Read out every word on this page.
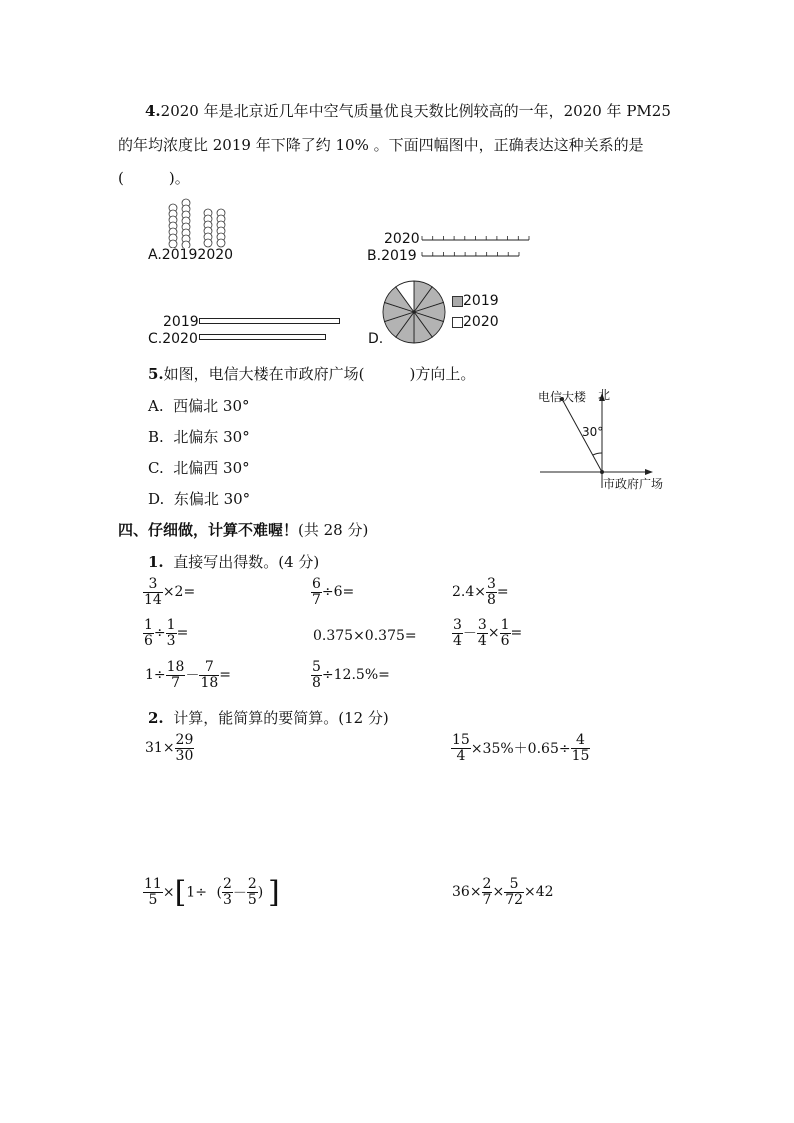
4.2020 年是北京近几年中空气质量优良天数比例较高的一年，2020 年 PM25
的年均浓度比 2019 年下降了约 10% 。下面四幅图中，正确表达这种关系的是
(　　　)。
A.20192020
2020
B.2019
2019
C.2020	D.
2019
2020
5.如图，电信大楼在市政府广场(　　　)方向上。
A. 西偏北 30°
B. 北偏东 30°
C. 北偏西 30°
D. 东偏北 30°
电信大楼 北
30°
市政府广场
四、仔细做，计算不难喔！(共 28 分)
1. 直接写出得数。(4 分)
$\frac{3}{14} \times 2=$	$\frac{6}{7} \div 6=$	$2.4\times \frac{3}{8}$ =
$\frac{1}{6} \div \frac{1}{3}$ =	0.375×0.375=	$\frac{3}{4} - \frac{3}{4} \times \frac{1}{6}$ =
$1\div \frac{18}{7} - \frac{7}{18}$ =	$\frac{5}{8} \div 12.5\%=$
2. 计算，能简算的要简算。(12 分)
$31\times \frac{29}{30}$	$\frac{15}{4} \times 35\%+0.65\div \frac{4}{15}$
$\frac{11}{5} \times[1\div$ ( $\frac{2}{3} - \frac{2}{5}$ ) ]	$36\times \frac{2}{7} \times \frac{5}{72} \times 42$
